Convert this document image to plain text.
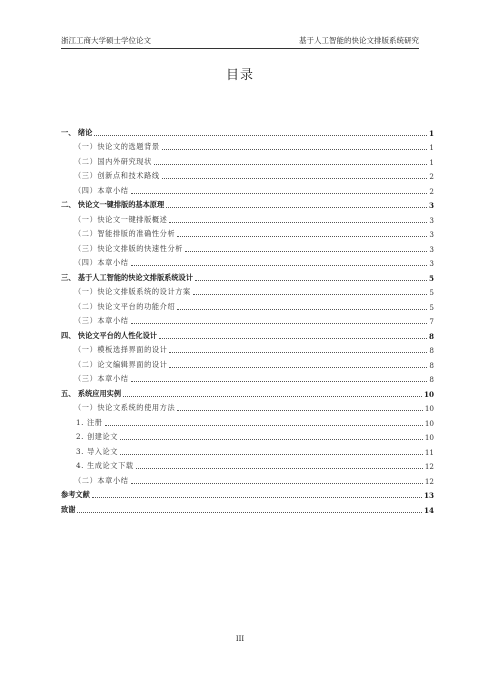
浙江工商大学硕士学位论文	基于人工智能的快论文排版系统研究
目录
一、 绪论	1
（一）快论文的选题背景	1
（二）国内外研究现状	1
（三）创新点和技术路线	2
（四）本章小结	2
二、 快论文一键排版的基本原理	3
（一）快论文一键排版概述	3
（二）智能排版的准确性分析	3
（三）快论文排版的快速性分析	3
（四）本章小结	3
三、 基于人工智能的快论文排版系统设计	5
（一）快论文排版系统的设计方案	5
（二）快论文平台的功能介绍	5
（三）本章小结	7
四、 快论文平台的人性化设计	8
（一）模板选择界面的设计	8
（二）论文编辑界面的设计	8
（三）本章小结	8
五、 系统应用实例	10
（一）快论文系统的使用方法	10
1. 注册	10
2. 创建论文	10
3. 导入论文	11
4. 生成论文下载	12
（二）本章小结	12
参考文献	13
致谢	14
III
